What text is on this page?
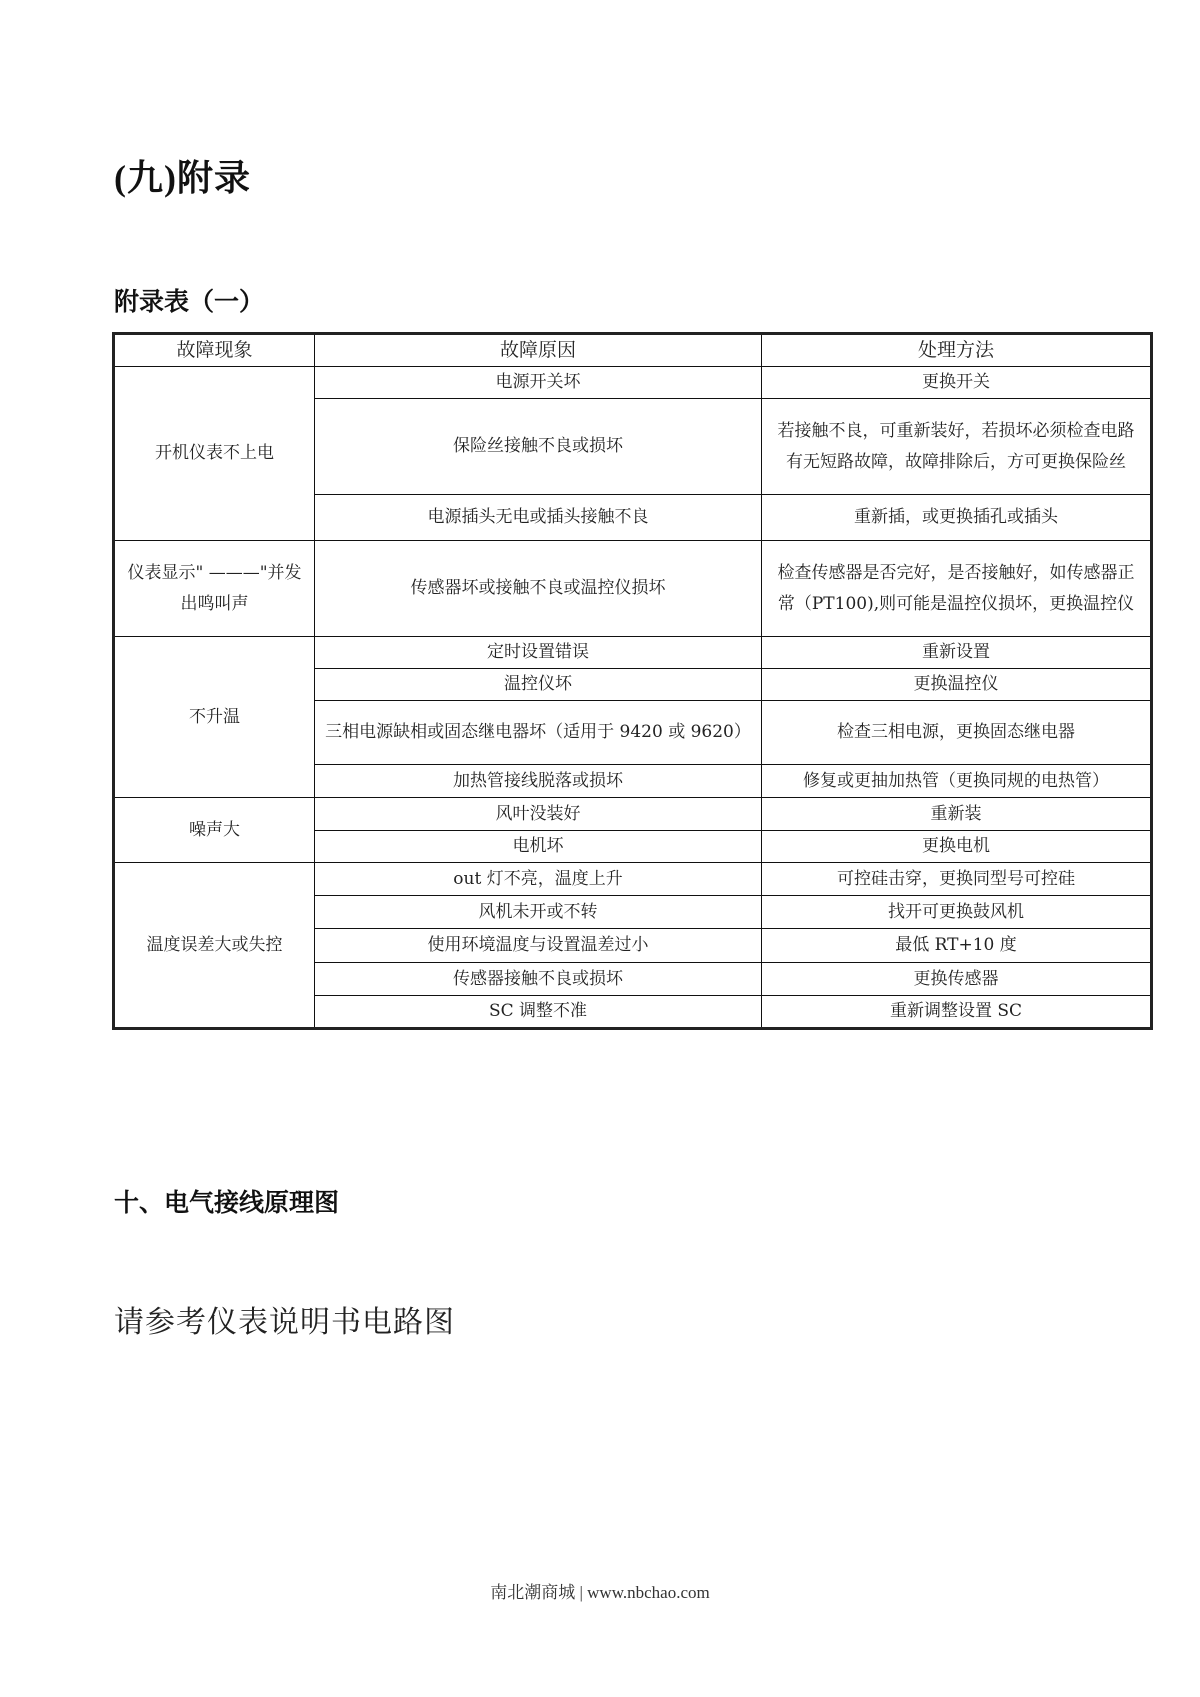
(九)附录
附录表（一）
故障现象	故障原因	处理方法
开机仪表不上电	电源开关坏	更换开关
	保险丝接触不良或损坏	若接触不良，可重新装好，若损坏必须检查电路有无短路故障，故障排除后，方可更换保险丝
	电源插头无电或插头接触不良	重新插，或更换插孔或插头
仪表显示" ———"并发出鸣叫声	传感器坏或接触不良或温控仪损坏	检查传感器是否完好，是否接触好，如传感器正常（PT100),则可能是温控仪损坏，更换温控仪
不升温	定时设置错误	重新设置
	温控仪坏	更换温控仪
	三相电源缺相或固态继电器坏（适用于 9420 或 9620）	检查三相电源，更换固态继电器
	加热管接线脱落或损坏	修复或更抽加热管（更换同规的电热管）
噪声大	风叶没装好	重新装
	电机坏	更换电机
温度误差大或失控	out 灯不亮，温度上升	可控硅击穿，更换同型号可控硅
	风机未开或不转	找开可更换鼓风机
	使用环境温度与设置温差过小	最低 RT+10 度
	传感器接触不良或损坏	更换传感器
	SC 调整不准	重新调整设置 SC
十、电气接线原理图
请参考仪表说明书电路图
南北潮商城 | www.nbchao.com
